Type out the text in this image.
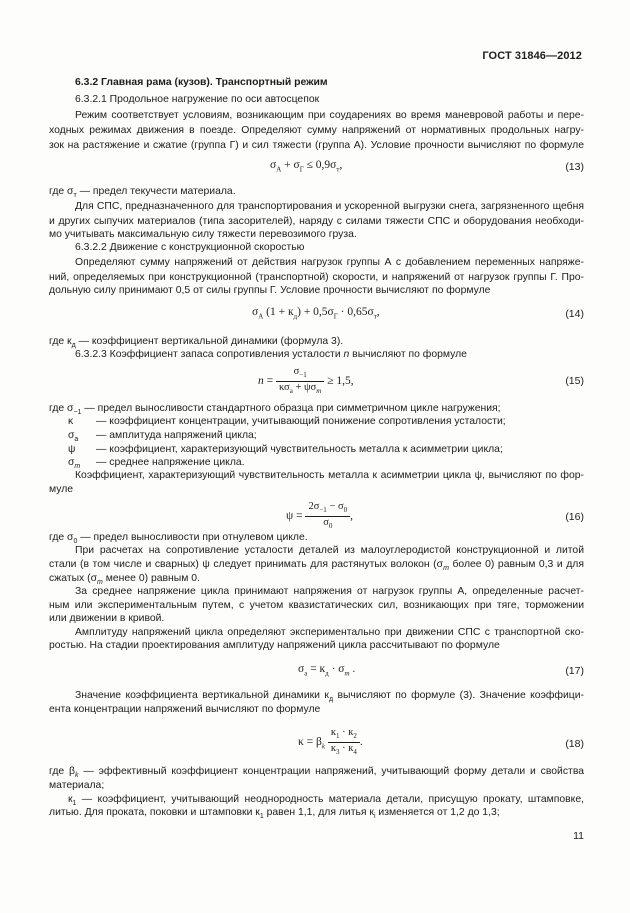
ГОСТ 31846—2012
6.3.2 Главная рама (кузов). Транспортный режим
6.3.2.1 Продольное нагружение по оси автосцепок
Режим соответствует условиям, возникающим при соударениях во время маневровой работы и пере-
ходных режимах движения в поезде. Определяют сумму напряжений от нормативных продольных нагру-
зок на растяжение и сжатие (группа Г) и сил тяжести (группа А). Условие прочности вычисляют по формуле
$\sigma_А + \sigma_Г \le 0,9\sigma_т$,	(13)
где $\sigma_т$ — предел текучести материала.
Для СПС, предназначенного для транспортирования и ускоренной выгрузки снега, загрязненного щебня
и других сыпучих материалов (типа засорителей), наряду с силами тяжести СПС и оборудования необходи-
мо учитывать максимальную силу тяжести перевозимого груза.
6.3.2.2 Движение с конструкционной скоростью
Определяют сумму напряжений от действия нагрузок группы А с добавлением переменных напряже-
ний, определяемых при конструкционной (транспортной) скорости, и напряжений от нагрузок группы Г. Про-
дольную силу принимают 0,5 от силы группы Г. Условие прочности вычисляют по формуле
$\sigma_А$ $(1 + к_д) + 0,5\sigma_Г \cdot 0,65\sigma_т$,	(14)
где $к_д$ — коэффициент вертикальной динамики (формула 3).
6.3.2.3 Коэффициент запаса сопротивления усталости n вычисляют по формуле
$n = \frac{\sigma_{-1}}{\kappa\sigma_а + \psi\sigma_m} \ge 1,5$,	(15)
где $\sigma_{-1}$ — предел выносливости стандартного образца при симметричном цикле нагружения;
κ — коэффициент концентрации, учитывающий понижение сопротивления усталости;
$\sigma_а$ — амплитуда напряжений цикла;
ψ — коэффициент, характеризующий чувствительность металла к асимметрии цикла;
$\sigma_m$ — среднее напряжение цикла.
Коэффициент, характеризующий чувствительность металла к асимметрии цикла ψ, вычисляют по фор-
муле
$\psi = \frac{2\sigma_{-1} - \sigma_0}{\sigma_0}$ ,	(16)
где $\sigma_0$ — предел выносливости при отнулевом цикле.
При расчетах на сопротивление усталости деталей из малоуглеродистой конструкционной и литой
стали (в том числе и сварных) ψ следует принимать для растянутых волокон ($\sigma_m$ более 0) равным 0,3 и для
сжатых ($\sigma_m$ менее 0) равным 0.
За среднее напряжение цикла принимают напряжения от нагрузок группы А, определенные расчет-
ным или экспериментальным путем, с учетом квазистатических сил, возникающих при тяге, торможении
или движении в кривой.
Амплитуду напряжений цикла определяют экспериментально при движении СПС с транспортной ско-
ростью. На стадии проектирования амплитуду напряжений цикла рассчитывают по формуле
$\sigma_а = к_д \cdot \sigma_m$ .	(17)
Значение коэффициента вертикальной динамики $к_д$ вычисляют по формуле (3). Значение коэффици-
ента концентрации напряжений вычисляют по формуле
$\kappa = \beta_k \frac{к_1 \cdot к_2}{к_3 \cdot к_4}$ .	(18)
где $\beta_k$ — эффективный коэффициент концентрации напряжений, учитывающий форму детали и свойства
материала;
$к_1$ — коэффициент, учитывающий неоднородность материала детали, присущую прокату, штамповке,
литью. Для проката, поковки и штамповки $к_1$ равен 1,1, для литья $к_i$ изменяется от 1,2 до 1,3;
11
